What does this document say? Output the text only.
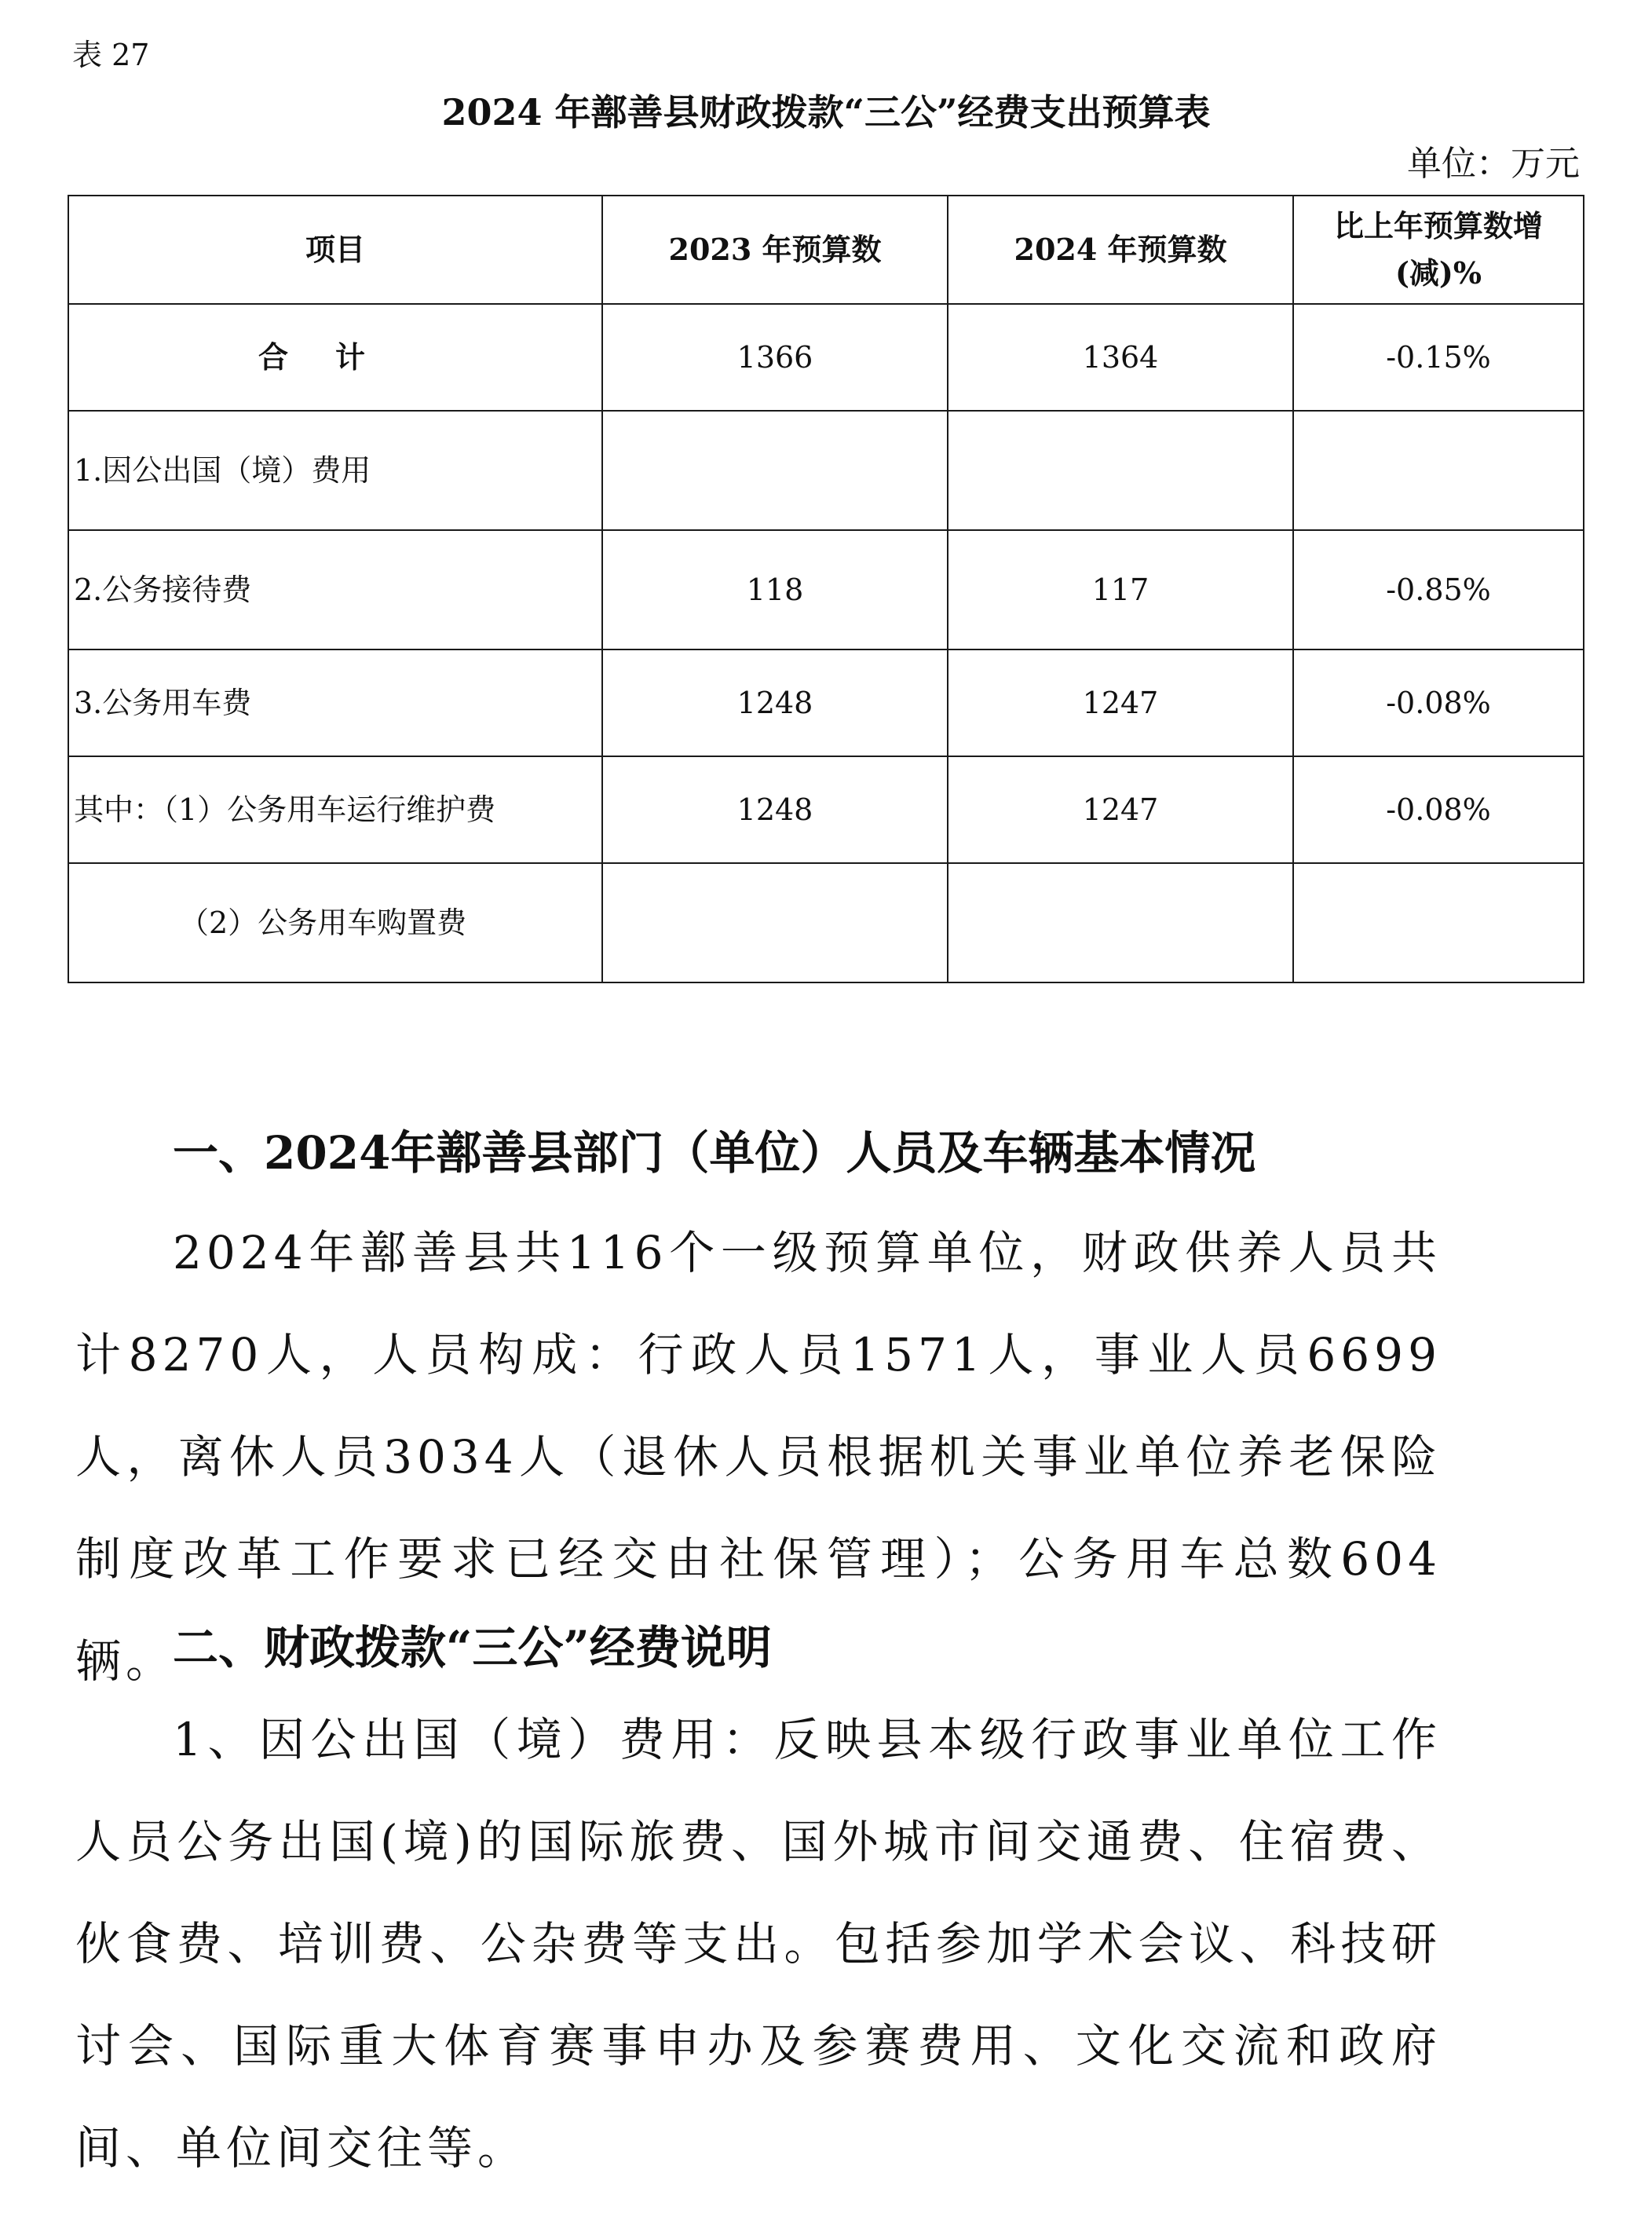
表 27
2024 年鄯善县财政拨款“三公”经费支出预算表
单位：万元
项目	2023 年预算数	2024 年预算数	比上年预算数增(减)%
合计	1366	1364	-0.15%
1.因公出国（境）费用			
2.公务接待费	118	117	-0.85%
3.公务用车费	1248	1247	-0.08%
其中：（1）公务用车运行维护费	1248	1247	-0.08%
（2）公务用车购置费			
一、2024年鄯善县部门（单位）人员及车辆基本情况
2024年鄯善县共116个一级预算单位，财政供养人员共计8270人，人员构成：行政人员1571人，事业人员6699人，离休人员3034人（退休人员根据机关事业单位养老保险制度改革工作要求已经交由社保管理）；公务用车总数604辆。
二、财政拨款“三公”经费说明
1、因公出国（境）费用：反映县本级行政事业单位工作人员公务出国(境)的国际旅费、国外城市间交通费、住宿费、伙食费、培训费、公杂费等支出。包括参加学术会议、科技研讨会、国际重大体育赛事申办及参赛费用、文化交流和政府间、单位间交往等。
